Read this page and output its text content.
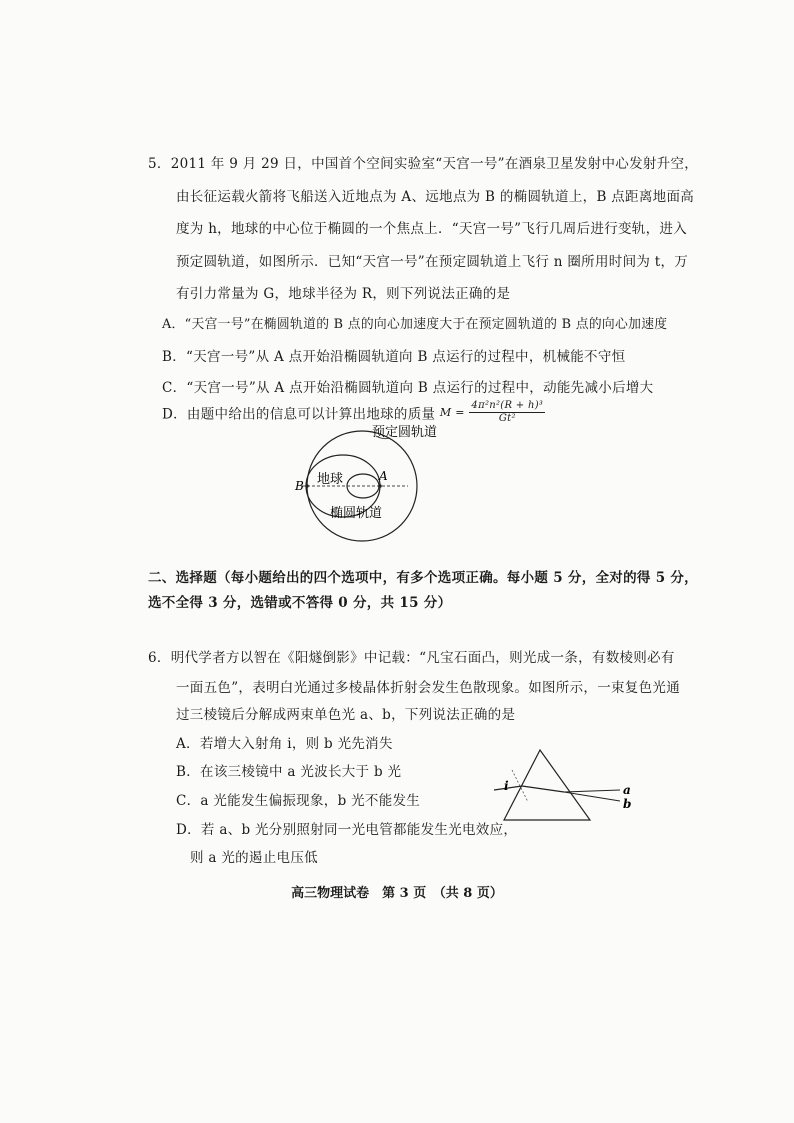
5．2011 年 9 月 29 日，中国首个空间实验室“天宫一号”在酒泉卫星发射中心发射升空，
由长征运载火箭将飞船送入近地点为 A、远地点为 B 的椭圆轨道上，B 点距离地面高
度为 h，地球的中心位于椭圆的一个焦点上．“天宫一号”飞行几周后进行变轨，进入
预定圆轨道，如图所示．已知“天宫一号”在预定圆轨道上飞行 n 圈所用时间为 t，万
有引力常量为 G，地球半径为 R，则下列说法正确的是
A．“天宫一号”在椭圆轨道的 B 点的向心加速度大于在预定圆轨道的 B 点的向心加速度
B．“天宫一号”从 A 点开始沿椭圆轨道向 B 点运行的过程中，机械能不守恒
C．“天宫一号”从 A 点开始沿椭圆轨道向 B 点运行的过程中，动能先减小后增大
D．由题中给出的信息可以计算出地球的质量 $M = \frac{\text{4π²n²(R + h)³}}{\text{Gt²}}$
预定圆轨道
地球
椭圆轨道
A
B
二、选择题（每小题给出的四个选项中，有多个选项正确。每小题 5 分，全对的得 5 分，
选不全得 3 分，选错或不答得 0 分，共 15 分）
6．明代学者方以智在《阳燧倒影》中记载：“凡宝石面凸，则光成一条，有数棱则必有
一面五色”，表明白光通过多棱晶体折射会发生色散现象。如图所示，一束复色光通
过三棱镜后分解成两束单色光 a、b，下列说法正确的是
A．若增大入射角 i，则 b 光先消失
B．在该三棱镜中 a 光波长大于 b 光
C．a 光能发生偏振现象，b 光不能发生
D．若 a、b 光分别照射同一光电管都能发生光电效应，
则 a 光的遏止电压低
i	a
b
高三物理试卷　第 3 页　（共 8 页）
